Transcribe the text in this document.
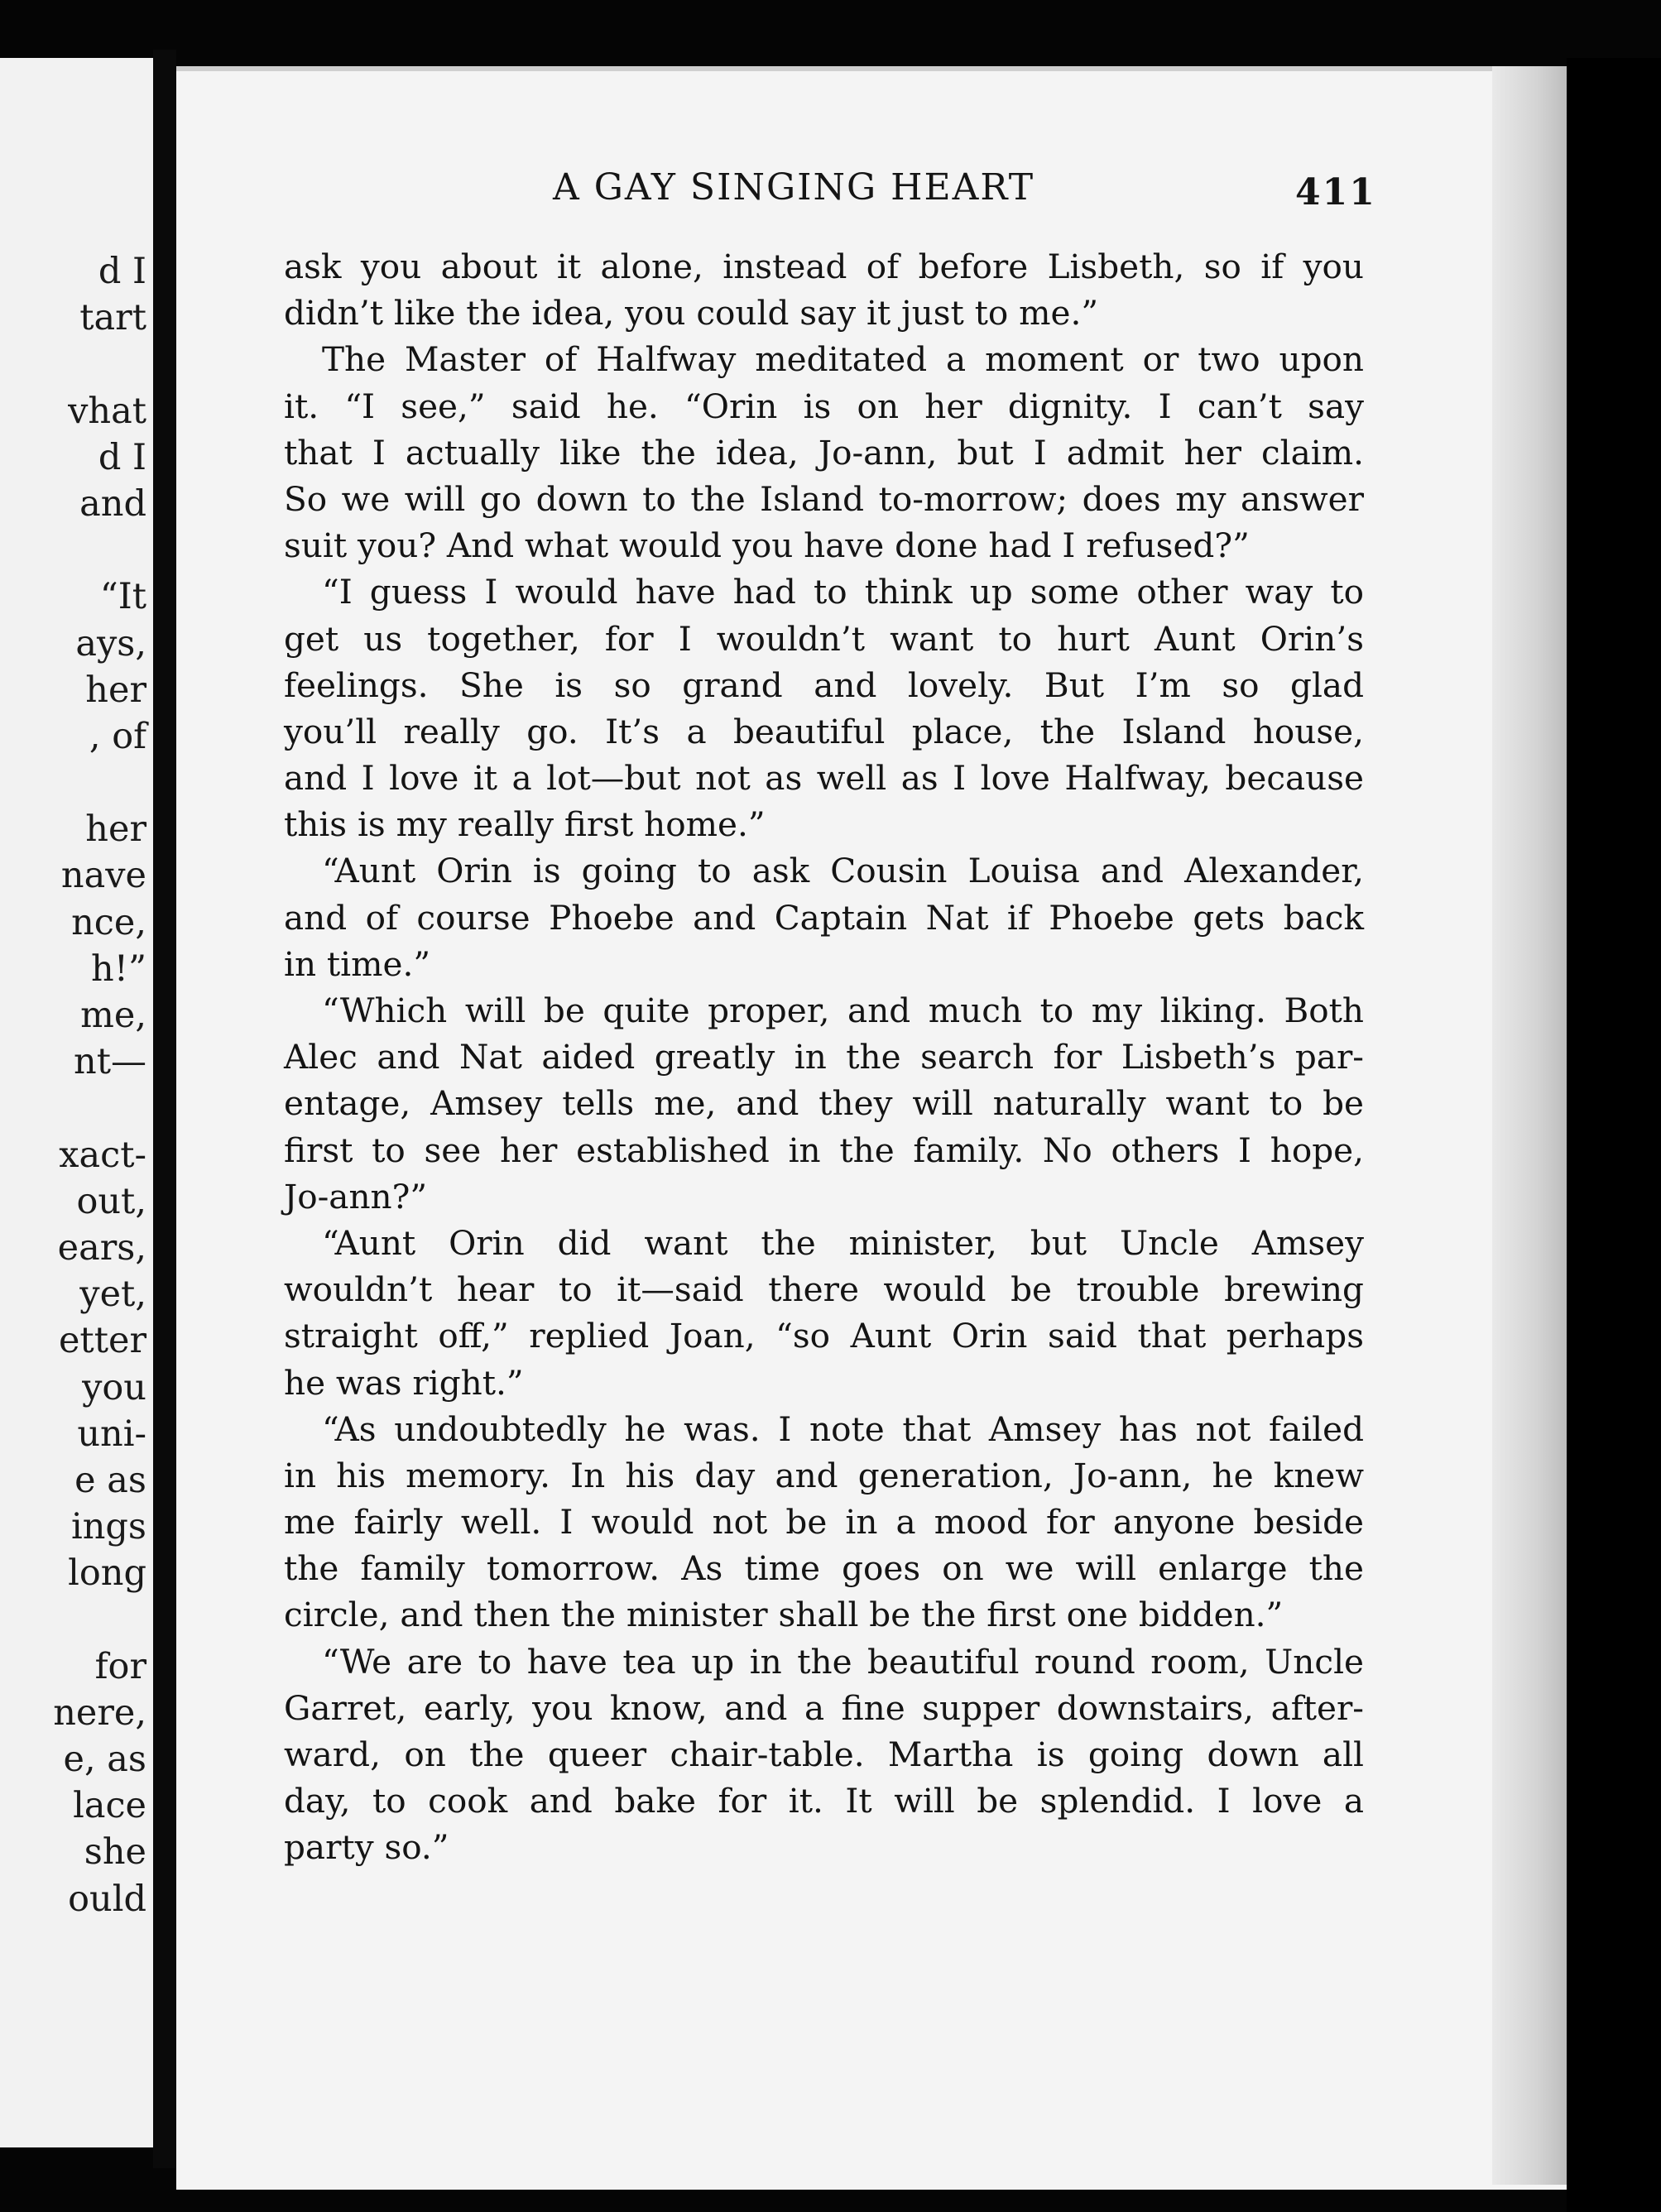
d I
tart
vhat
d I
and
“It
ays,
her
, of
her
nave
nce,
h!”
me,
nt—
xact-
out,
ears,
yet,
etter
you
uni-
e as
ings
long
for
nere,
e, as
lace
she
ould
A GAY SINGING HEART	411
ask you about it alone, instead of before Lisbeth, so if you
didn’t like the idea, you could say it just to me.”
The Master of Halfway meditated a moment or two upon
it. “I see,” said he. “Orin is on her dignity. I can’t say
that I actually like the idea, Jo-ann, but I admit her claim.
So we will go down to the Island to-morrow; does my answer
suit you? And what would you have done had I refused?”
“I guess I would have had to think up some other way to
get us together, for I wouldn’t want to hurt Aunt Orin’s
feelings. She is so grand and lovely. But I’m so glad
you’ll really go. It’s a beautiful place, the Island house,
and I love it a lot—but not as well as I love Halfway, because
this is my really first home.”
“Aunt Orin is going to ask Cousin Louisa and Alexander,
and of course Phoebe and Captain Nat if Phoebe gets back
in time.”
“Which will be quite proper, and much to my liking. Both
Alec and Nat aided greatly in the search for Lisbeth’s par-
entage, Amsey tells me, and they will naturally want to be
first to see her established in the family. No others I hope,
Jo-ann?”
“Aunt Orin did want the minister, but Uncle Amsey
wouldn’t hear to it—said there would be trouble brewing
straight off,” replied Joan, “so Aunt Orin said that perhaps
he was right.”
“As undoubtedly he was. I note that Amsey has not failed
in his memory. In his day and generation, Jo-ann, he knew
me fairly well. I would not be in a mood for anyone beside
the family tomorrow. As time goes on we will enlarge the
circle, and then the minister shall be the first one bidden.”
“We are to have tea up in the beautiful round room, Uncle
Garret, early, you know, and a fine supper downstairs, after-
ward, on the queer chair-table. Martha is going down all
day, to cook and bake for it. It will be splendid. I love a
party so.”
